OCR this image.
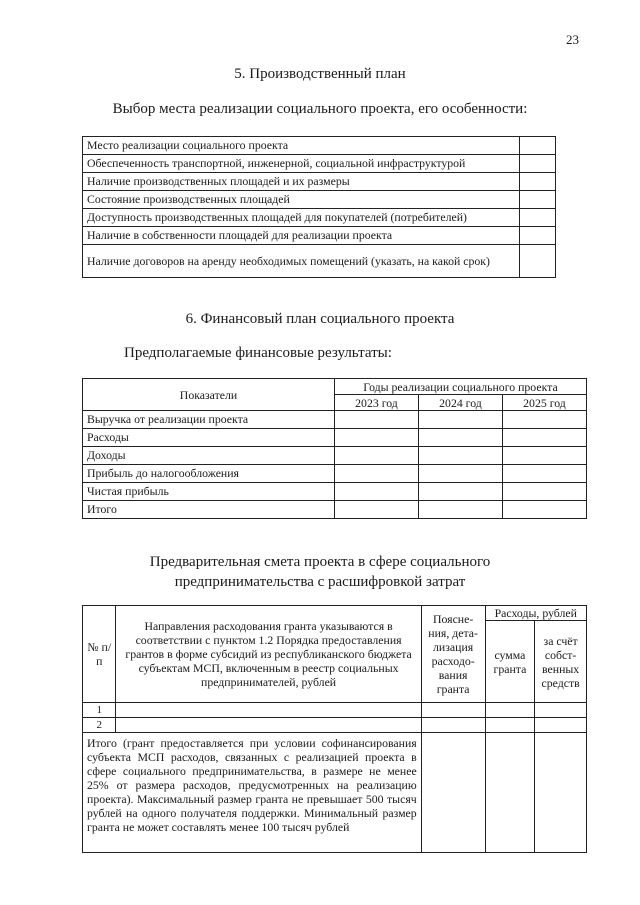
23
5. Производственный план
Выбор места реализации социального проекта, его особенности:
Место реализации социального проекта	
Обеспеченность транспортной, инженерной, социальной инфраструктурой	
Наличие производственных площадей и их размеры	
Состояние производственных площадей	
Доступность производственных площадей для покупателей (потребителей)	
Наличие в собственности площадей для реализации проекта	
Наличие договоров на аренду необходимых помещений (указать, на какой срок)	
6. Финансовый план социального проекта
Предполагаемые финансовые результаты:
Показатели	Годы реализации социального проекта		
	2023 год	2024 год	2025 год
Выручка от реализации проекта			
Расходы			
Доходы			
Прибыль до налогообложения			
Чистая прибыль			
Итого			
Предварительная смета проекта в сфере социального
предпринимательства с расшифровкой затрат
№ п/п	Направления расходования гранта указываются в соответствии с пунктом 1.2 Порядка предоставления грантов в форме субсидий из республиканского бюджета субъектам МСП, включенным в реестр социальных предпринимателей, рублей	Поясне-ния, дета-лизация расходо-вания гранта	Расходы, рублей	
			сумма гранта	за счёт собст-венных средств
1				
2				
Итого (грант предоставляется при условии софинансирования субъекта МСП расходов, связанных с реализацией проекта в сфере социального предпринимательства, в размере не менее 25% от размера расходов, предусмотренных на реализацию проекта). Максимальный размер гранта не превышает 500 тысяч рублей на одного получателя поддержки. Минимальный размер гранта не может составлять менее 100 тысяч рублей				
